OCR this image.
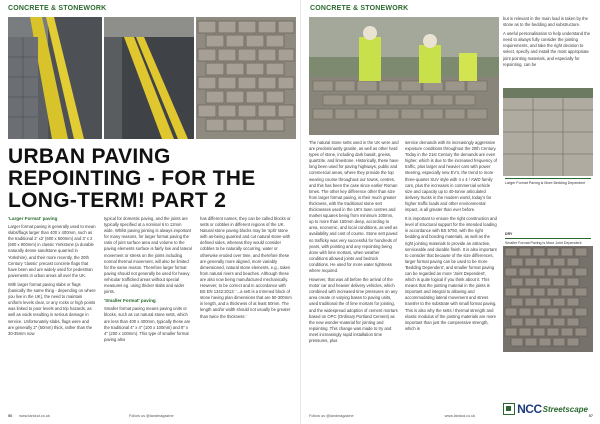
CONCRETE & STONEWORK
URBAN PAVING
REPOINTING - FOR THE
LONG-TERM! PART 2
'Larger Format' paving

Larger format paving is generally used to mean slabs/flags larger than 400 x 400mm, such as the traditional 2' x2' (600 x 600mm) and 3' x 2 (600 x 900mm) in classic Yorkstone (a durable naturally dense sandstone quarried in Yorkshire), and their more recently, the 20th Century 'classic' precast concrete flags that have been and are widely used for pedestrian pavements in urban areas all over the UK.

With larger format paving slabs or flags (basically the same thing - depending on where you live in the UK), the need to maintain uniform levels clear, or any rocks or high points was linked to poor levels and trip hazards, as well as voids resulting in serious damage in service. Unfortunately slabs, flags were and are generally 2" (50mm) thick, rather than the 30-35mm now

typical for domestic paving, and the joints are typically specified at a nominal 6 to 12mm wide. Whilst paving jointing is always important for many reasons, for larger format paving the ratio of joint surface area and volume to the paving elements surface is fairly low and lateral movement or stress on the joints including normal thermal movement, will also be limited for the same reason. Therefore larger format paving should not generally be used for heavy vehicular trafficked areas without special measures eg. using thicker slabs and wider joints.

'Smaller Format' paving

Smaller format paving means paving units or blocks, such as cut natural stone setts, which are less than 400 x 400mm, typically these are the traditional 4" x 4" (100 x 100mm) and 8" x 4" (200 x 100mm). This type of smaller format paving also

has different names, they can be called blocks or setts or cobbles in different regions of the UK. Natural stone paving blocks may be 'split' stone with as-being quarried and cut natural stone with defined sides, whereas they would consider cobbles to be naturally occurring, water or otherwise eroded over time, and therefore these are generally more aligned, more variably dimensioned, natural stone elements, e.g., taken from natural rivers and beaches. Although these are also now being manufactured mechanically. However, to be correct and in accordance with BS EN 1342:2013: '...a sett is a trimmed block of stone having plan dimensions that are 50-300mm in length, and a thickness of at least 50mm. The length and/or width should not usually be greater than twice the thickness.'

56 www.landud.co.uk	Follow us @landmagazine
CONCRETE & STONEWORK

The natural stone setts used in the UK were and are predominantly granite, as well as other hard types of stone, including dark basalt, gneiss, quartzite, and limestone. Historically, these have long been used for paving highways, public and commercial areas, where they provide the top wearing course throughout our towns, centres, and this has been the case since earlier Roman times. The other key difference other than size from larger format paving, is their much greater thickness, with the traditional stone sett thicknesses used in the UK's town centres and market squares being from minimum 100mm, up to more than 150mm deep, according to area, economic, and local conditions, as well as availability and cost of course. Stone sett paved so trafficky was very successful for hundreds of years, with pointing and any repointing being done with lime mortars, when weather conditions allowed joints and bedrock conditions. He used for more water tightness where required.

However, that was all before the arrival of the motor car and heavier delivery vehicles, which combined with increased time pressures on any area create or varying bases to paving units, used traditional the of lime mortars for jointing, and the widespread adoption of cement mortars based on OPC (Ordinary Portland Cement) as the new wonder-material for jointing and repointing. This change was made to try and meet increasingly rapid installation time pressures, plus

service demands with its increasingly aggressive exposure conditions throughout the 20th Century. Today in the 21st Century the demands are even higher, which is due to the increased frequency of traffic, plus larger and heavier cars with power steering, especially new EV's, the trend to more three-quarter SUV style with 4 x 4 / AWD family cars, plus the increases in commercial vehicle size and capacity up to 40-tonne articulated delivery trucks in the modern world, today's far higher traffic loads and other environmental impact, is all greater than ever before.

It is important to ensure the right construction and level of structural support for the intended loading in accordance with BS 5750, with the right bedding and bonding materials, as well as the right jointing materials to provide an attractive, serviceable and durable finish. It is also important to consider that because of the size differences, larger format paving can be used to be more 'Bedding Dependent', and smaller format paving can be regarded as more 'Joint Dependent', which is quite logical if you think about it. This means that the jointing material in the joints is important and integral to allowing and accommodating lateral movement and stress transfer to the substrate with small format paving. This is also why the setts / thermal strength and elastic modulus of the jointing materials are more important than just the compressive strength, which is

but is relevant in the main load is taken by the stone as to the bedding and substructure.

A useful personalisation to help understand the need to always fully consider the jointing requirements, and take the right decision to select, specify and install the most appropriate joint pointing materials, and especially for repointing, can be

Larger Format Paving is More Bedding Dependent
DRY
Smaller Format Paving is More Joint Dependent
NCC Streetscape
Follow us @landmagazine	www.landud.co.uk	57
